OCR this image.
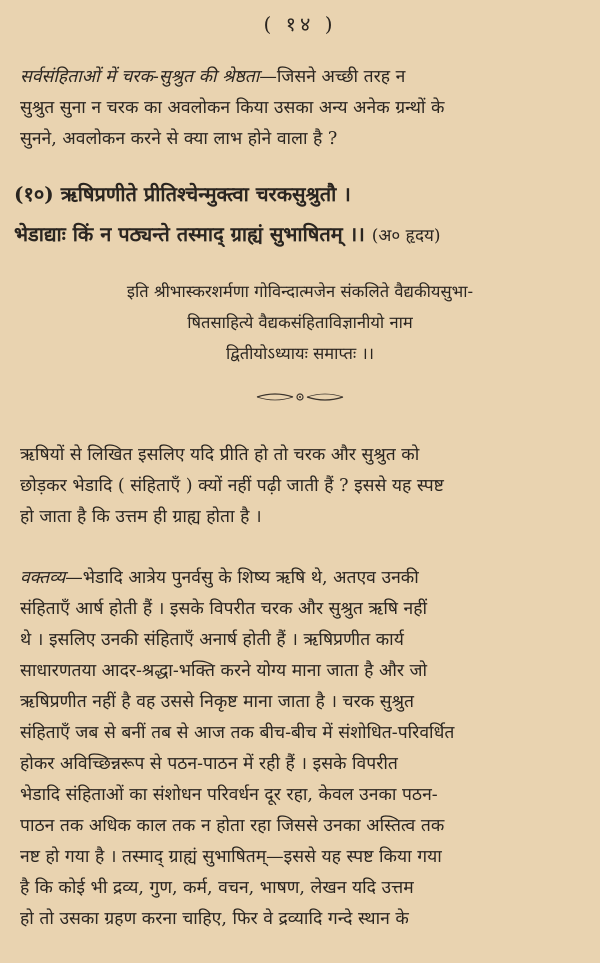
( १४ )

सर्वसंहिताओं में चरक-सुश्रुत की श्रेष्ठता—जिसने अच्छी तरह न
सुश्रुत सुना न चरक का अवलोकन किया उसका अन्य अनेक ग्रन्थों के
सुनने, अवलोकन करने से क्या लाभ होने वाला है ?

(१०) ऋषिप्रणीते प्रीतिश्चेन्मुक्त्वा चरकसुश्रुतौ ।
भेडाद्याः किं न पठ्यन्ते तस्माद् ग्राह्यं सुभाषितम् ।। (अ० हृदय)
इति श्रीभास्करशर्मणा गोविन्दात्मजेन संकलिते वैद्यकीयसुभा-
षितसाहित्ये वैद्यकसंहिताविज्ञानीयो नाम
द्वितीयोऽध्यायः समाप्तः ।।

ऋषियों से लिखित इसलिए यदि प्रीति हो तो चरक और सुश्रुत को
छोड़कर भेडादि ( संहिताएँ ) क्यों नहीं पढ़ी जाती हैं ? इससे यह स्पष्ट
हो जाता है कि उत्तम ही ग्राह्य होता है ।

वक्तव्य—भेडादि आत्रेय पुनर्वसु के शिष्य ऋषि थे, अतएव उनकी
संहिताएँ आर्ष होती हैं । इसके विपरीत चरक और सुश्रुत ऋषि नहीं
थे । इसलिए उनकी संहिताएँ अनार्ष होती हैं । ऋषिप्रणीत कार्य
साधारणतया आदर-श्रद्धा-भक्ति करने योग्य माना जाता है और जो
ऋषिप्रणीत नहीं है वह उससे निकृष्ट माना जाता है । चरक सुश्रुत
संहिताएँ जब से बनीं तब से आज तक बीच-बीच में संशोधित-परिवर्धित
होकर अविच्छिन्नरूप से पठन-पाठन में रही हैं । इसके विपरीत
भेडादि संहिताओं का संशोधन परिवर्धन दूर रहा, केवल उनका पठन-
पाठन तक अधिक काल तक न होता रहा जिससे उनका अस्तित्व तक
नष्ट हो गया है । तस्माद् ग्राह्यं सुभाषितम्—इससे यह स्पष्ट किया गया
है कि कोई भी द्रव्य, गुण, कर्म, वचन, भाषण, लेखन यदि उत्तम
हो तो उसका ग्रहण करना चाहिए, फिर वे द्रव्यादि गन्दे स्थान के
